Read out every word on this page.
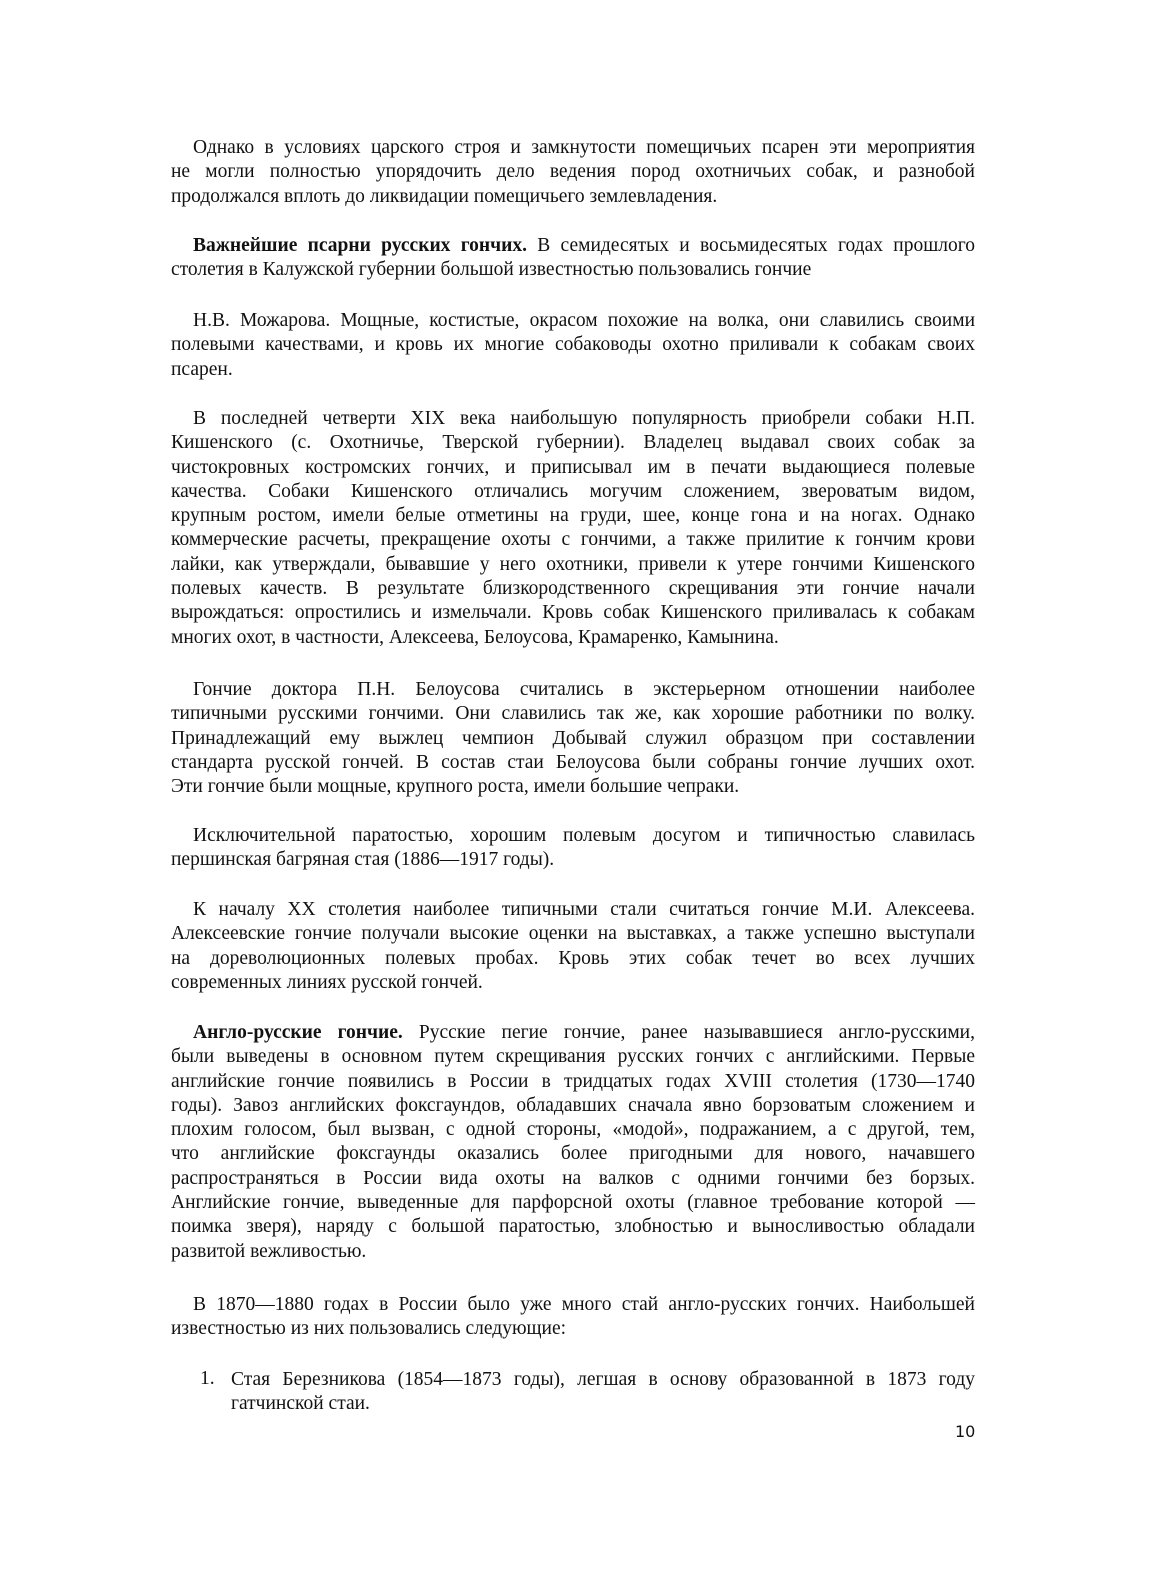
10
Однако в условиях царского строя и замкнутости помещичьих псарен эти мероприятия
не могли полностью упорядочить дело ведения пород охотничьих собак, и разнобой
продолжался вплоть до ликвидации помещичьего землевладения.
Важнейшие псарни русских гончих. В семидесятых и восьмидесятых годах прошлого
столетия в Калужской губернии большой известностью пользовались гончие
Н.В. Можарова. Мощные, костистые, окрасом похожие на волка, они славились своими
полевыми качествами, и кровь их многие собаководы охотно приливали к собакам своих
псарен.
В последней четверти XIX века наибольшую популярность приобрели собаки Н.П.
Кишенского (с. Охотничье, Тверской губернии). Владелец выдавал своих собак за
чистокровных костромских гончих, и приписывал им в печати выдающиеся полевые
качества. Собаки Кишенского отличались могучим сложением, звероватым видом,
крупным ростом, имели белые отметины на груди, шее, конце гона и на ногах. Однако
коммерческие расчеты, прекращение охоты с гончими, а также прилитие к гончим крови
лайки, как утверждали, бывавшие у него охотники, привели к утере гончими Кишенского
полевых качеств. В результате близкородственного скрещивания эти гончие начали
вырождаться: опростились и измельчали. Кровь собак Кишенского приливалась к собакам
многих охот, в частности, Алексеева, Белоусова, Крамаренко, Камынина.
Гончие доктора П.Н. Белоусова считались в экстерьерном отношении наиболее
типичными русскими гончими. Они славились так же, как хорошие работники по волку.
Принадлежащий ему выжлец чемпион Добывай служил образцом при составлении
стандарта русской гончей. В состав стаи Белоусова были собраны гончие лучших охот.
Эти гончие были мощные, крупного роста, имели большие чепраки.
Исключительной паратостью, хорошим полевым досугом и типичностью славилась
першинская багряная стая (1886—1917 годы).
К началу XX столетия наиболее типичными стали считаться гончие М.И. Алексеева.
Алексеевские гончие получали высокие оценки на выставках, а также успешно выступали
на дореволюционных полевых пробах. Кровь этих собак течет во всех лучших
современных линиях русской гончей.
Англо-русские гончие. Русские пегие гончие, ранее называвшиеся англо-русскими,
были выведены в основном путем скрещивания русских гончих с английскими. Первые
английские гончие появились в России в тридцатых годах XVIII столетия (1730—1740
годы). Завоз английских фоксгаундов, обладавших сначала явно борзоватым сложением и
плохим голосом, был вызван, с одной стороны, «модой», подражанием, а с другой, тем,
что английские фоксгаунды оказались более пригодными для нового, начавшего
распространяться в России вида охоты на валков с одними гончими без борзых.
Английские гончие, выведенные для парфорсной охоты (главное требование которой —
поимка зверя), наряду с большой паратостью, злобностью и выносливостью обладали
развитой вежливостью.
В 1870—1880 годах в России было уже много стай англо-русских гончих. Наибольшей
известностью из них пользовались следующие:
1. Стая Березникова (1854—1873 годы), легшая в основу образованной в 1873 году
гатчинской стаи.
